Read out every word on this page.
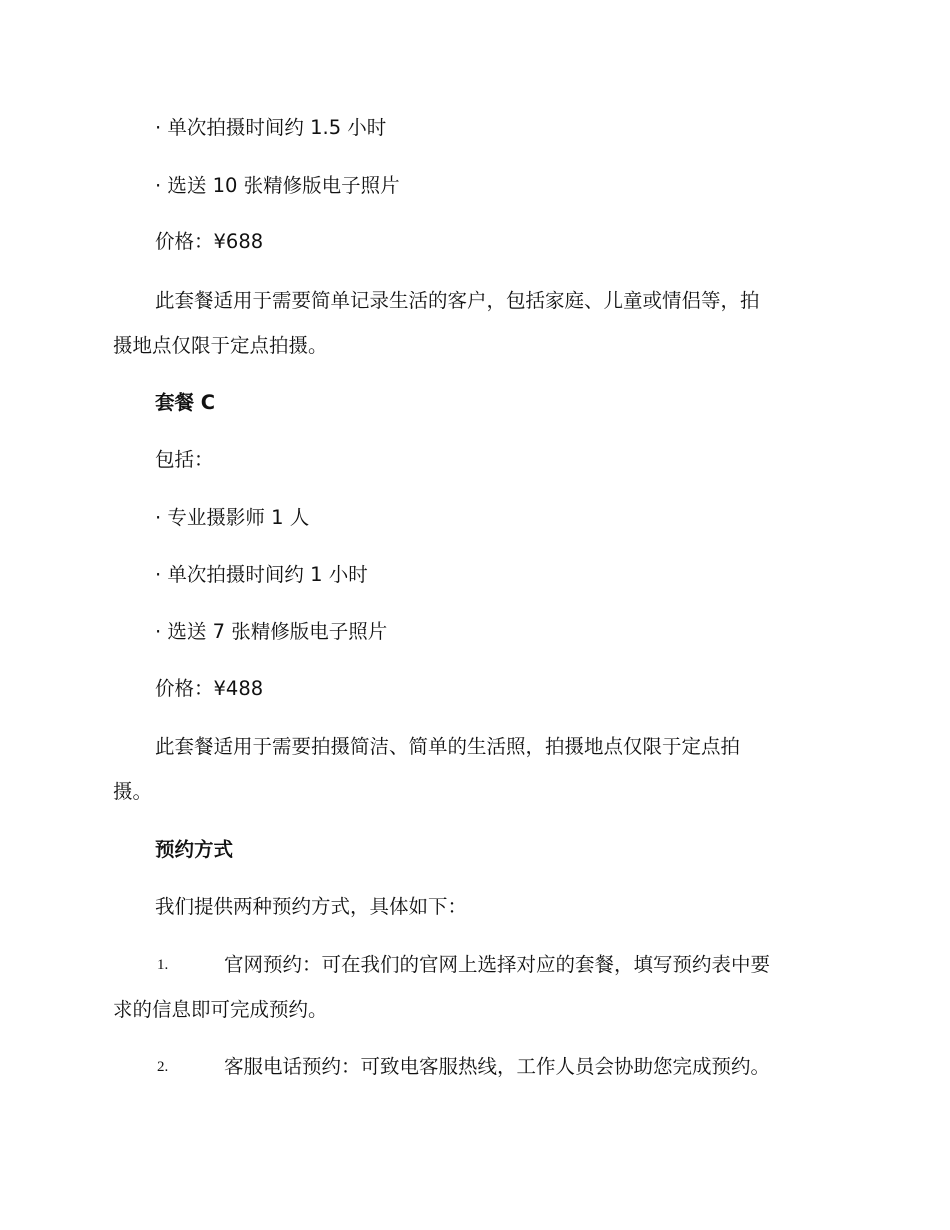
· 单次拍摄时间约 1.5 小时
· 选送 10 张精修版电子照片
价格：¥688
此套餐适用于需要简单记录生活的客户，包括家庭、儿童或情侣等，拍
摄地点仅限于定点拍摄。
套餐 C
包括：
· 专业摄影师 1 人
· 单次拍摄时间约 1 小时
· 选送 7 张精修版电子照片
价格：¥488
此套餐适用于需要拍摄简洁、简单的生活照，拍摄地点仅限于定点拍
摄。
预约方式
我们提供两种预约方式，具体如下：
1.	官网预约：可在我们的官网上选择对应的套餐，填写预约表中要
求的信息即可完成预约。
2.	客服电话预约：可致电客服热线，工作人员会协助您完成预约。
